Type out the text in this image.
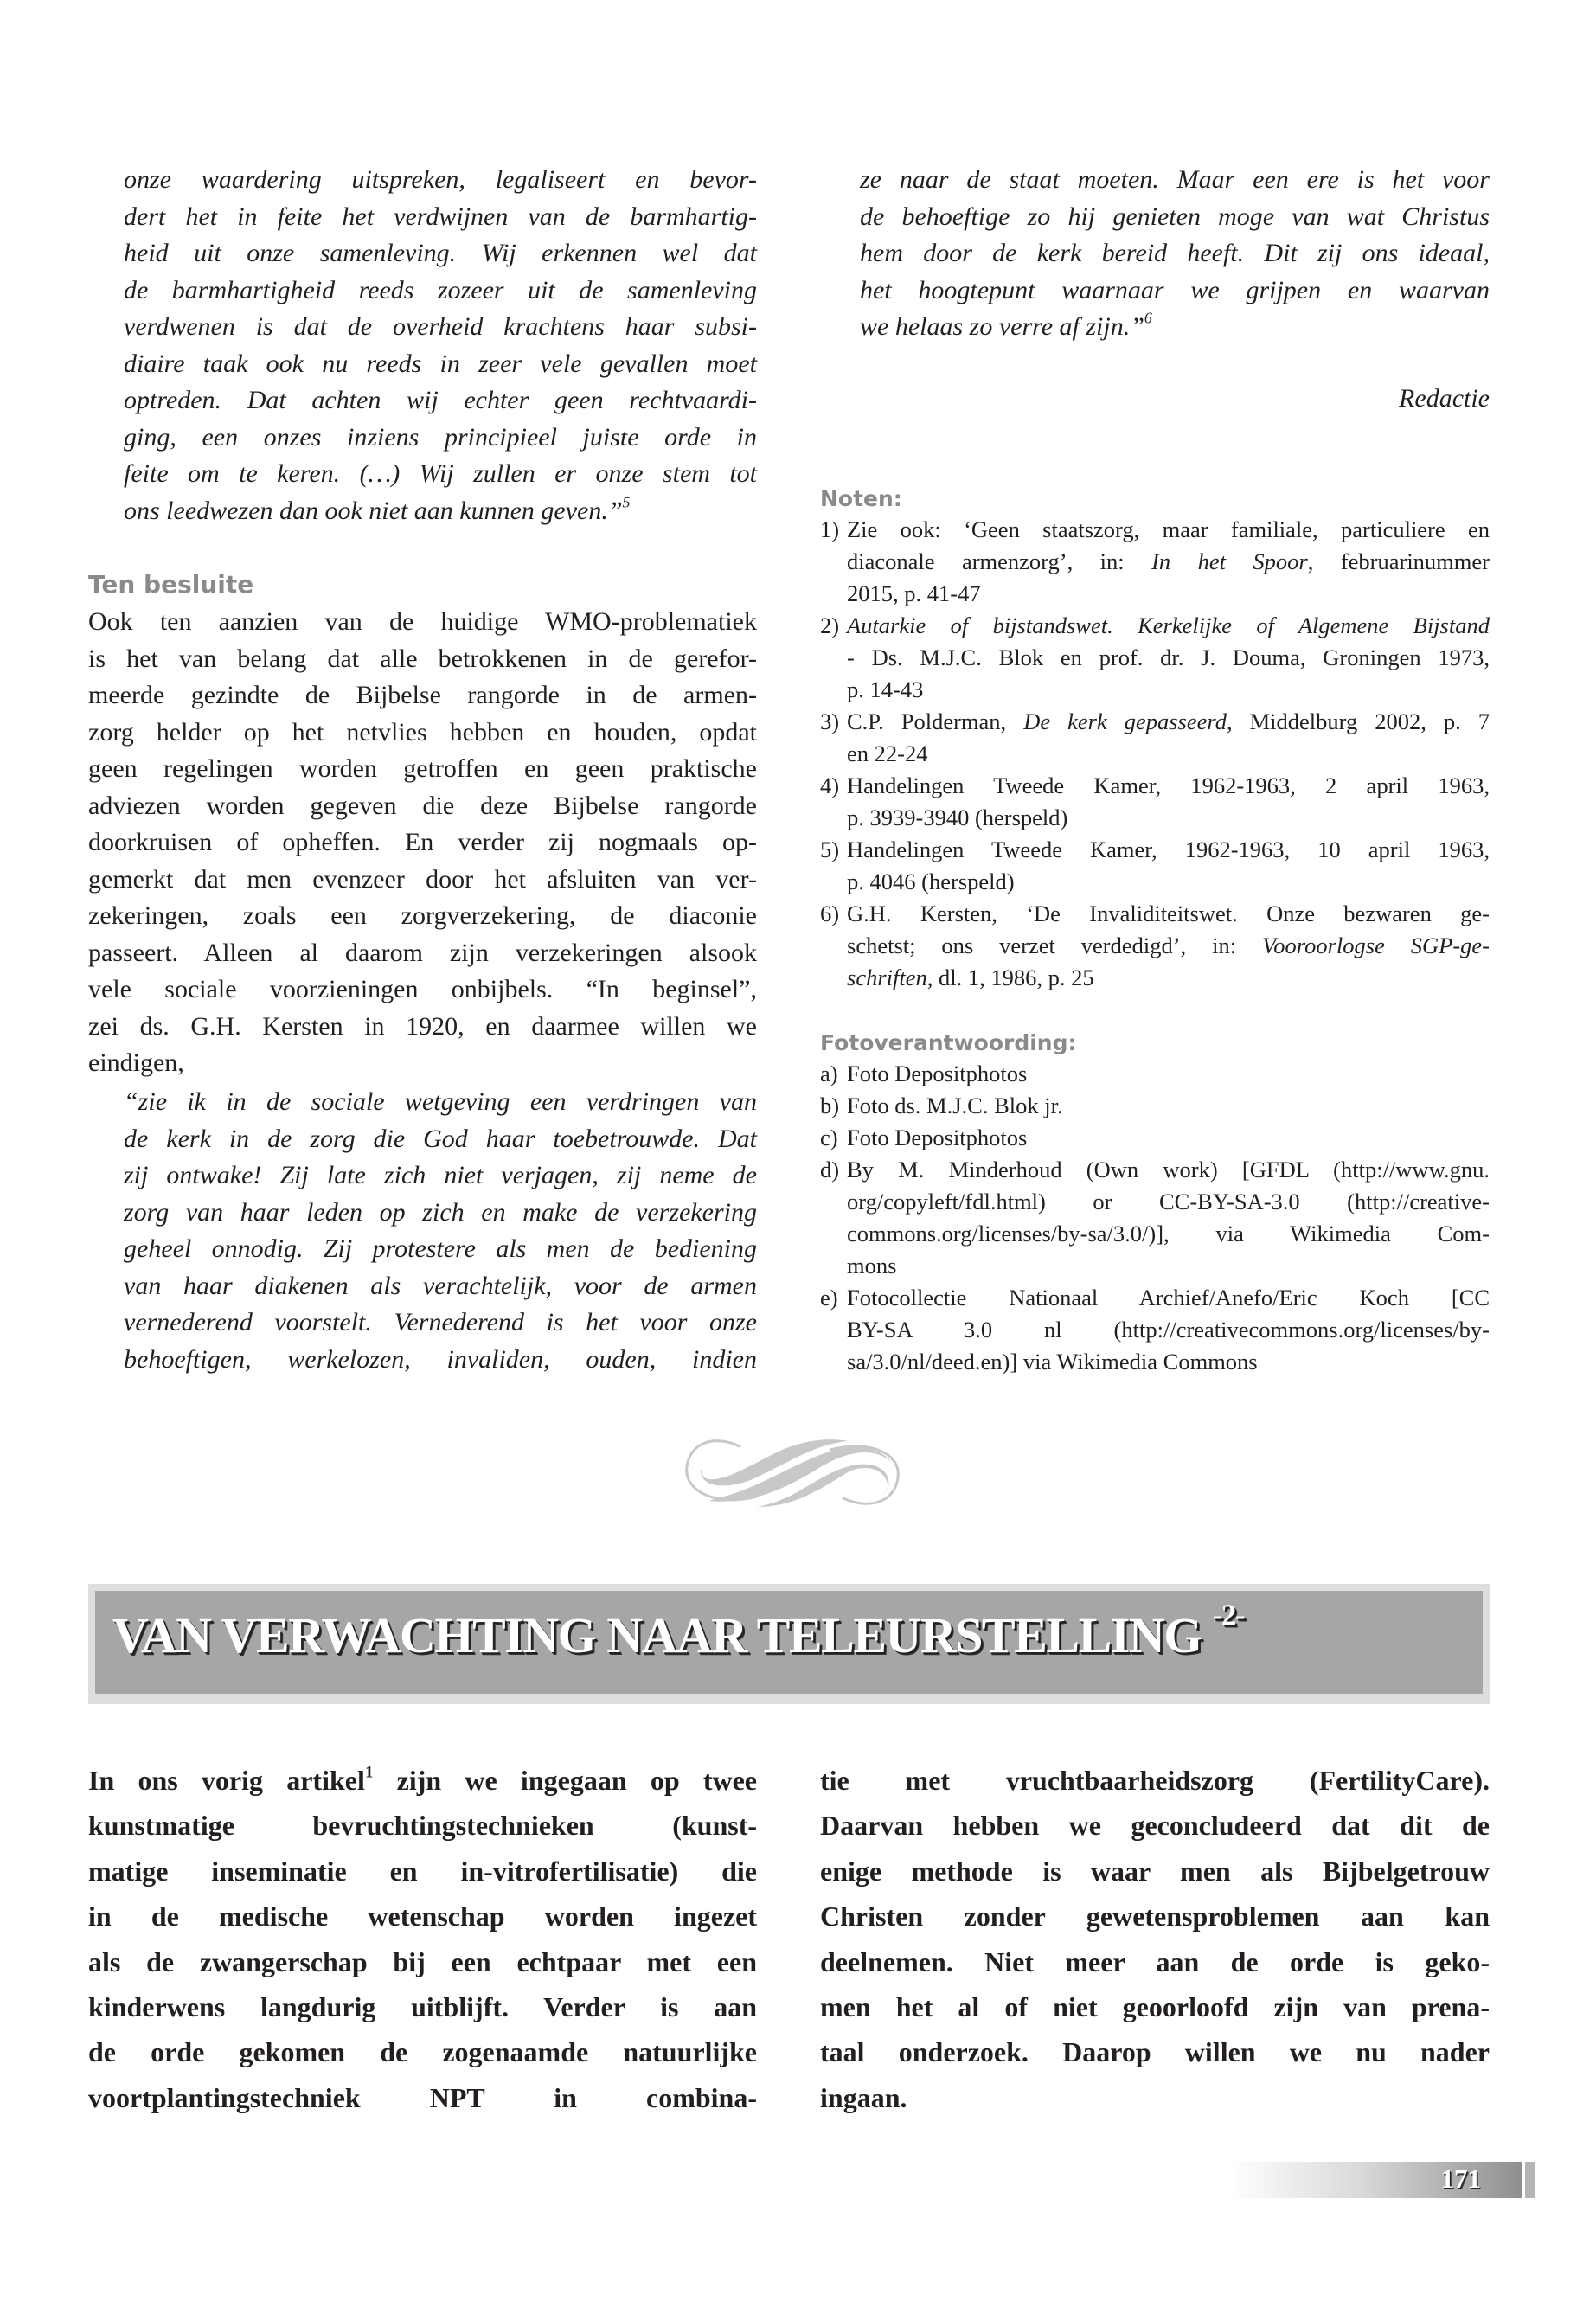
onze waardering uitspreken, legaliseert en bevor-
dert het in feite het verdwijnen van de barmhartig-
heid uit onze samenleving. Wij erkennen wel dat
de barmhartigheid reeds zozeer uit de samenleving
verdwenen is dat de overheid krachtens haar subsi-
diaire taak ook nu reeds in zeer vele gevallen moet
optreden. Dat achten wij echter geen rechtvaardi-
ging, een onzes inziens principieel juiste orde in
feite om te keren. (…) Wij zullen er onze stem tot
ons leedwezen dan ook niet aan kunnen geven.”$^5$
Ten besluite
Ook ten aanzien van de huidige WMO-problematiek
is het van belang dat alle betrokkenen in de gerefor-
meerde gezindte de Bijbelse rangorde in de armen-
zorg helder op het netvlies hebben en houden, opdat
geen regelingen worden getroffen en geen praktische
adviezen worden gegeven die deze Bijbelse rangorde
doorkruisen of opheffen. En verder zij nogmaals op-
gemerkt dat men evenzeer door het afsluiten van ver-
zekeringen, zoals een zorgverzekering, de diaconie
passeert. Alleen al daarom zijn verzekeringen alsook
vele sociale voorzieningen onbijbels. “In beginsel”,
zei ds. G.H. Kersten in 1920, en daarmee willen we
eindigen,
“zie ik in de sociale wetgeving een verdringen van
de kerk in de zorg die God haar toebetrouwde. Dat
zij ontwake! Zij late zich niet verjagen, zij neme de
zorg van haar leden op zich en make de verzekering
geheel onnodig. Zij protestere als men de bediening
van haar diakenen als verachtelijk, voor de armen
vernederend voorstelt. Vernederend is het voor onze
behoeftigen, werkelozen, invaliden, ouden, indien
ze naar de staat moeten. Maar een ere is het voor
de behoeftige zo hij genieten moge van wat Christus
hem door de kerk bereid heeft. Dit zij ons ideaal,
het hoogtepunt waarnaar we grijpen en waarvan
we helaas zo verre af zijn.”$^6$
Redactie
Noten:
1) Zie ook: ‘Geen staatszorg, maar familiale, particuliere en
diaconale armenzorg’, in: In het Spoor, februarinummer
2015, p. 41-47
2) Autarkie of bijstandswet. Kerkelijke of Algemene Bijstand
- Ds. M.J.C. Blok en prof. dr. J. Douma, Groningen 1973,
p. 14-43
3) C.P. Polderman, De kerk gepasseerd, Middelburg 2002, p. 7
en 22-24
4) Handelingen Tweede Kamer, 1962-1963, 2 april 1963,
p. 3939-3940 (herspeld)
5) Handelingen Tweede Kamer, 1962-1963, 10 april 1963,
p. 4046 (herspeld)
6) G.H. Kersten, ‘De Invaliditeitswet. Onze bezwaren ge-
schetst; ons verzet verdedigd’, in: Vooroorlogse SGP-ge-
schriften, dl. 1, 1986, p. 25
Fotoverantwoording:
a) Foto Depositphotos
b) Foto ds. M.J.C. Blok jr.
c) Foto Depositphotos
d) By M. Minderhoud (Own work) [GFDL (http://www.gnu.
org/copyleft/fdl.html) or CC-BY-SA-3.0 (http://creative-
commons.org/licenses/by-sa/3.0/)], via Wikimedia Com-
mons
e) Fotocollectie Nationaal Archief/Anefo/Eric Koch [CC
BY-SA 3.0 nl (http://creativecommons.org/licenses/by-
sa/3.0/nl/deed.en)] via Wikimedia Commons
VAN VERWACHTING NAAR TELEURSTELLING $^{-2-}$
In ons vorig artikel$^1$ zijn we ingegaan op twee
kunstmatige bevruchtingstechnieken (kunst-
matige inseminatie en in-vitrofertilisatie) die
in de medische wetenschap worden ingezet
als de zwangerschap bij een echtpaar met een
kinderwens langdurig uitblijft. Verder is aan
de orde gekomen de zogenaamde natuurlijke
voortplantingstechniek NPT in combina-
tie met vruchtbaarheidszorg (FertilityCare).
Daarvan hebben we geconcludeerd dat dit de
enige methode is waar men als Bijbelgetrouw
Christen zonder gewetensproblemen aan kan
deelnemen. Niet meer aan de orde is geko-
men het al of niet geoorloofd zijn van prena-
taal onderzoek. Daarop willen we nu nader
ingaan.
171
